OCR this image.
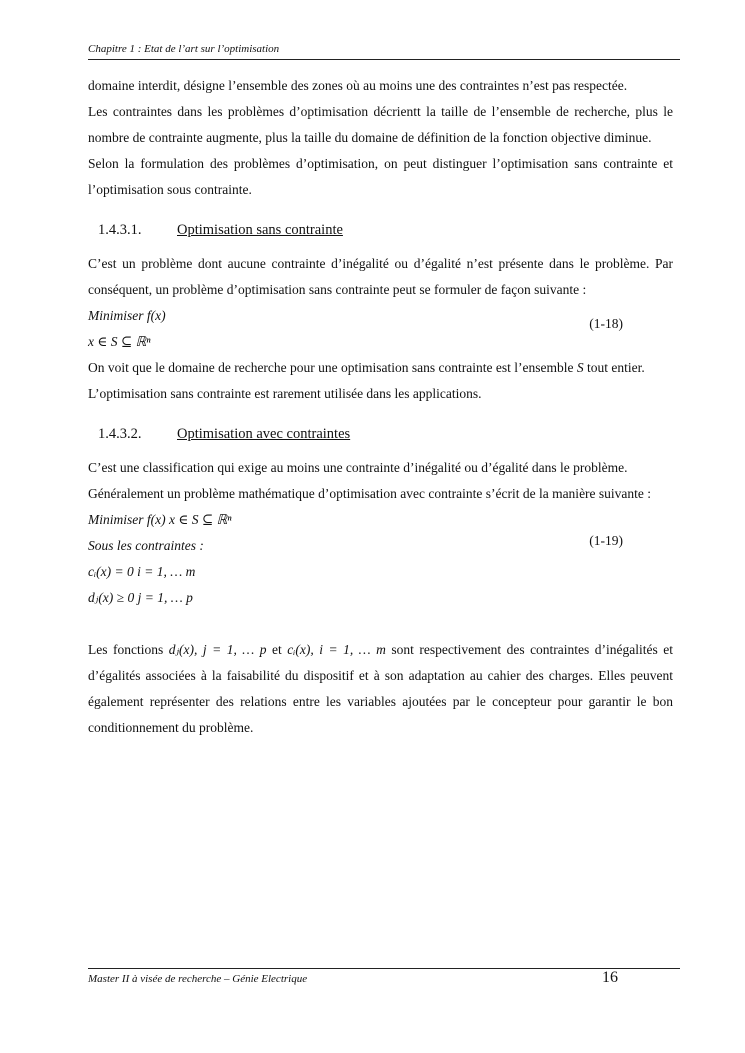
Chapitre 1 : Etat de l’art sur l’optimisation

domaine interdit, désigne l’ensemble des zones où au moins une des contraintes n’est pas respectée.

Les contraintes dans les problèmes d’optimisation décrientt la taille de l’ensemble de recherche, plus le nombre de contrainte augmente, plus la taille du domaine de définition de la fonction objective diminue.

Selon la formulation des problèmes d’optimisation, on peut distinguer l’optimisation sans contrainte et l’optimisation sous contrainte.

1.4.3.1. Optimisation sans contrainte

C’est un problème dont aucune contrainte d’inégalité ou d’égalité n’est présente dans le problème. Par conséquent, un problème d’optimisation sans contrainte peut se formuler de façon suivante :

Minimiser f(x)
x ∈ S ⊆ ℝⁿ
(1-18)

On voit que le domaine de recherche pour une optimisation sans contrainte est l’ensemble S tout entier.

L’optimisation sans contrainte est rarement utilisée dans les applications.

1.4.3.2. Optimisation avec contraintes

C’est une classification qui exige au moins une contrainte d’inégalité ou d’égalité dans le problème.

Généralement un problème mathématique d’optimisation avec contrainte s’écrit de la manière suivante :

Minimiser f(x) x ∈ S ⊆ ℝⁿ
Sous les contraintes :
cᵢ(x) = 0 i = 1, … m
dⱼ(x) ≥ 0 j = 1, … p
(1-19)

Les fonctions dⱼ(x), j = 1, … p et cᵢ(x), i = 1, … m sont respectivement des contraintes d’inégalités et d’égalités associées à la faisabilité du dispositif et à son adaptation au cahier des charges. Elles peuvent également représenter des relations entre les variables ajoutées par le concepteur pour garantir le bon conditionnement du problème.

Master II à visée de recherche – Génie Electrique	16
